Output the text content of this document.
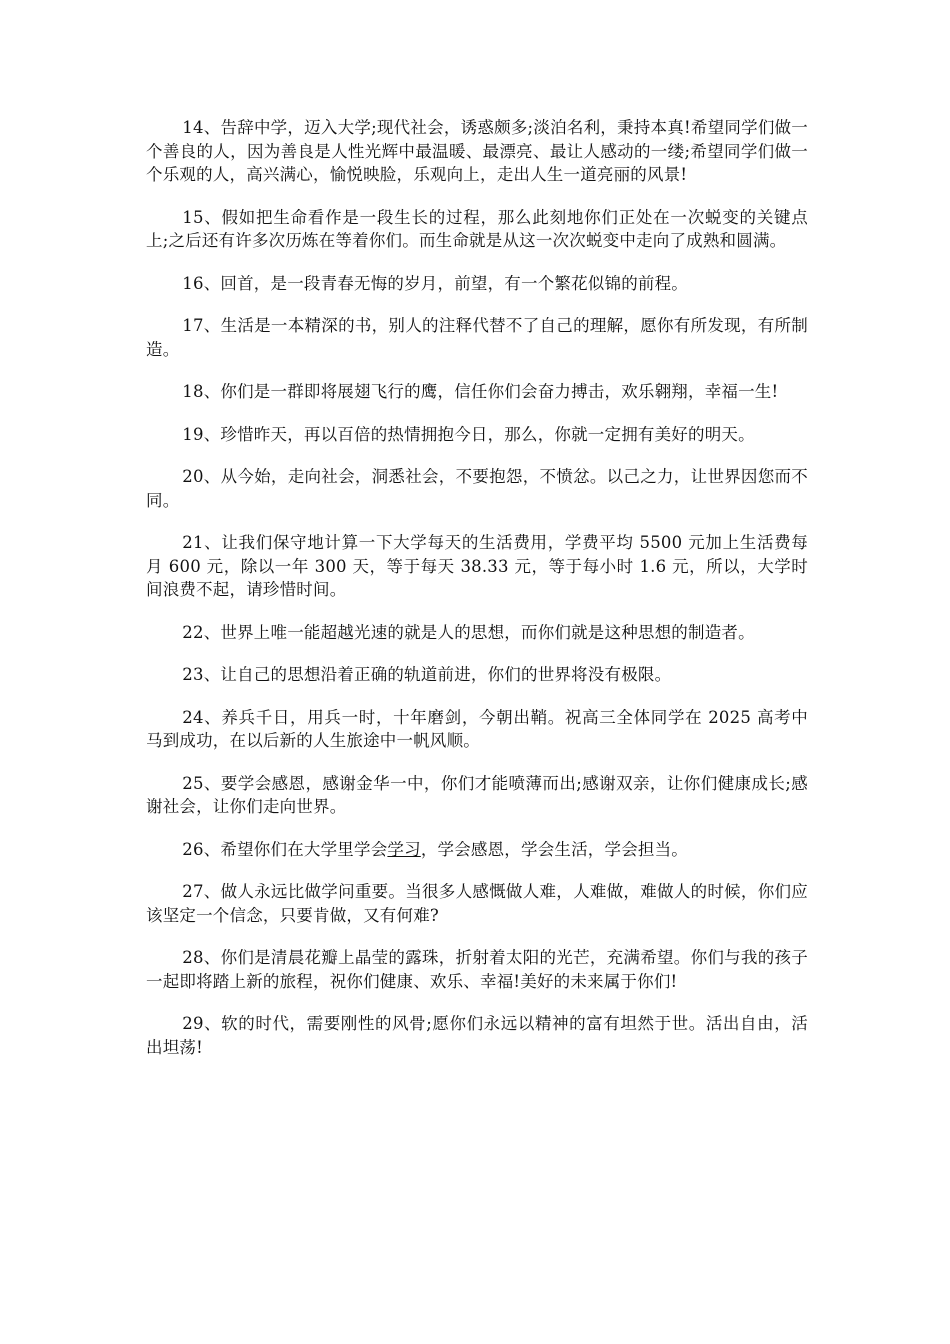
14、告辞中学，迈入大学;现代社会，诱惑颇多;淡泊名利，秉持本真!希望同学们做一个善良的人，因为善良是人性光辉中最温暖、最漂亮、最让人感动的一缕;希望同学们做一个乐观的人，高兴满心，愉悦映脸，乐观向上，走出人生一道亮丽的风景!

15、假如把生命看作是一段生长的过程，那么此刻地你们正处在一次蜕变的关键点上;之后还有许多次历炼在等着你们。而生命就是从这一次次蜕变中走向了成熟和圆满。

16、回首，是一段青春无悔的岁月，前望，有一个繁花似锦的前程。

17、生活是一本精深的书，别人的注释代替不了自己的理解，愿你有所发现，有所制造。

18、你们是一群即将展翅飞行的鹰，信任你们会奋力搏击，欢乐翱翔，幸福一生!

19、珍惜昨天，再以百倍的热情拥抱今日，那么，你就一定拥有美好的明天。

20、从今始，走向社会，洞悉社会，不要抱怨，不愤忿。以己之力，让世界因您而不同。

21、让我们保守地计算一下大学每天的生活费用，学费平均 5500 元加上生活费每月 600 元，除以一年 300 天，等于每天 38.33 元，等于每小时 1.6 元，所以，大学时间浪费不起，请珍惜时间。

22、世界上唯一能超越光速的就是人的思想，而你们就是这种思想的制造者。

23、让自己的思想沿着正确的轨道前进，你们的世界将没有极限。

24、养兵千日，用兵一时，十年磨剑，今朝出鞘。祝高三全体同学在 2025 高考中马到成功，在以后新的人生旅途中一帆风顺。

25、要学会感恩，感谢金华一中，你们才能喷薄而出;感谢双亲，让你们健康成长;感谢社会，让你们走向世界。

26、希望你们在大学里学会学习，学会感恩，学会生活，学会担当。

27、做人永远比做学问重要。当很多人感慨做人难，人难做，难做人的时候，你们应该坚定一个信念，只要肯做，又有何难?

28、你们是清晨花瓣上晶莹的露珠，折射着太阳的光芒，充满希望。你们与我的孩子一起即将踏上新的旅程，祝你们健康、欢乐、幸福!美好的未来属于你们!

29、软的时代，需要刚性的风骨;愿你们永远以精神的富有坦然于世。活出自由，活出坦荡!
